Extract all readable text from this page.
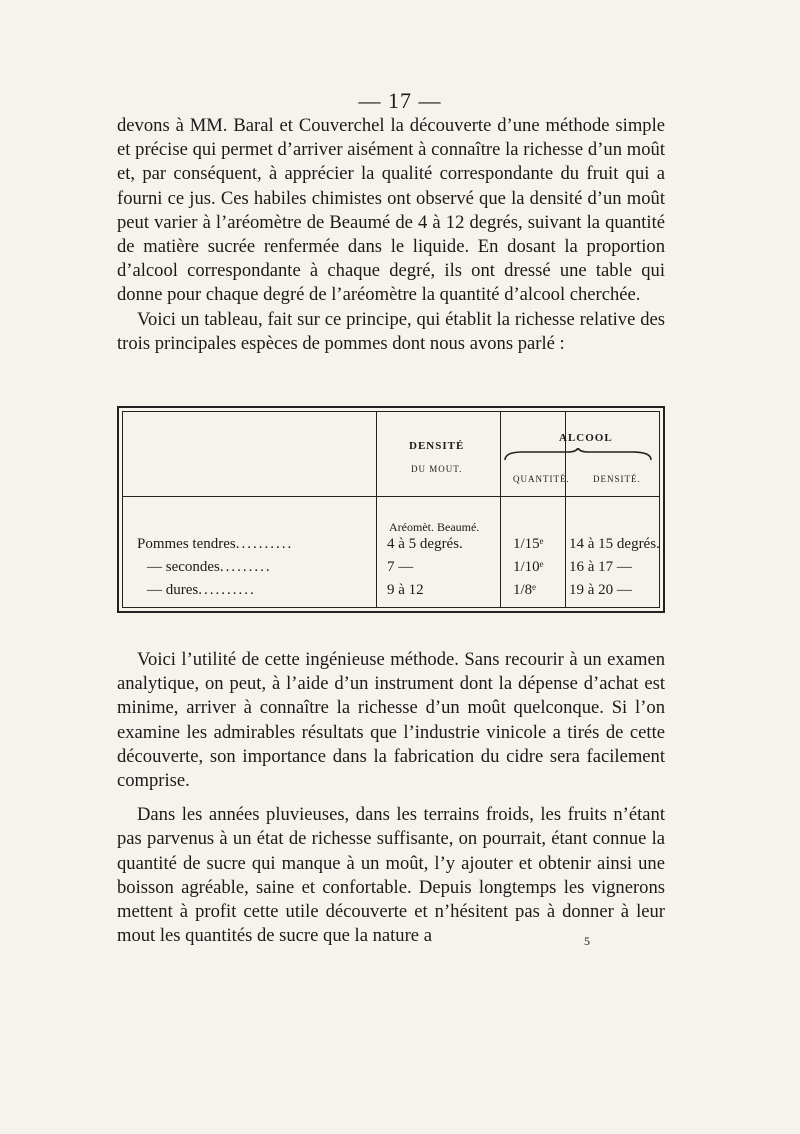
— 17 —

devons à MM. Baral et Couverchel la découverte d’une méthode simple et précise qui permet d’arriver aisément à connaître la richesse d’un moût et, par conséquent, à apprécier la qualité correspondante du fruit qui a fourni ce jus. Ces habiles chimistes ont observé que la densité d’un moût peut varier à l’aréomètre de Beaumé de 4 à 12 degrés, suivant la quantité de matière sucrée renfermée dans le liquide. En dosant la proportion d’alcool correspondante à chaque degré, ils ont dressé une table qui donne pour chaque degré de l’aréomètre la quantité d’alcool cherchée.

Voici un tableau, fait sur ce principe, qui établit la richesse relative des trois principales espèces de pommes dont nous avons parlé :

DENSITÉ
DU MOUT.
ALCOOL
QUANTITÉ.	DENSITÉ.
Aréomèt. Beaumé.
Pommes tendres..........	4 à 5 degrés.	1/15ᵉ 14 à 15 degrés.
— secondes.........	7 —	1/10ᵉ 16 à 17 —
— dures..........	9 à 12	1/8ᵉ 19 à 20 —

Voici l’utilité de cette ingénieuse méthode. Sans recourir à un examen analytique, on peut, à l’aide d’un instrument dont la dépense d’achat est minime, arriver à connaître la richesse d’un moût quelconque. Si l’on examine les admirables résultats que l’industrie vinicole a tirés de cette découverte, son importance dans la fabrication du cidre sera facilement comprise.

Dans les années pluvieuses, dans les terrains froids, les fruits n’étant pas parvenus à un état de richesse suffisante, on pourrait, étant connue la quantité de sucre qui manque à un moût, l’y ajouter et obtenir ainsi une boisson agréable, saine et confortable. Depuis longtemps les vignerons mettent à profit cette utile découverte et n’hésitent pas à donner à leur mout les quantités de sucre que la nature a	5
